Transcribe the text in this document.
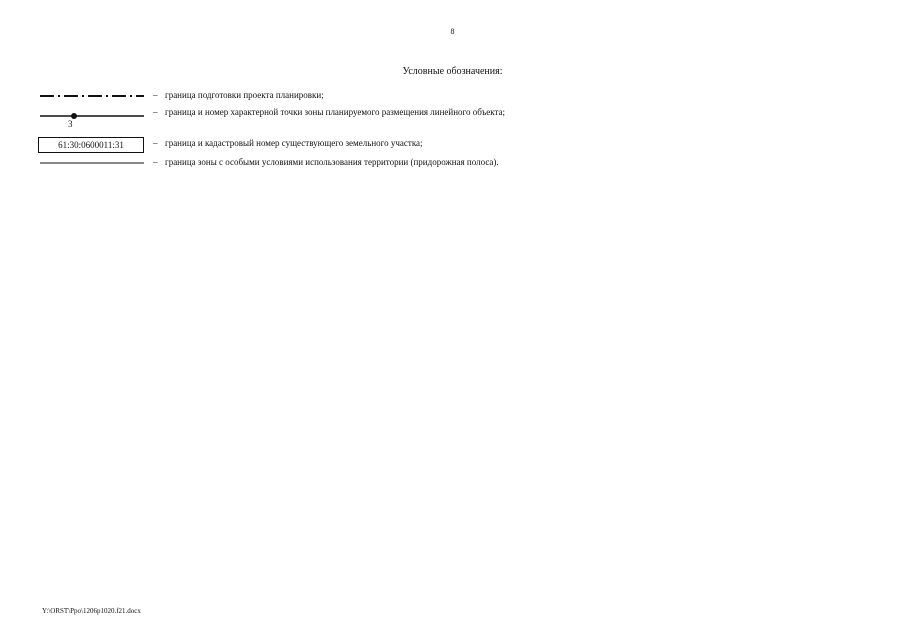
8
Условные обозначения:
– граница подготовки проекта планировки;
3
– граница и номер характерной точки зоны планируемого размещения линейного объекта;
61:30:0600011:31	– граница и кадастровый номер существующего земельного участка;
– граница зоны с особыми условиями использования территории (придорожная полоса).
Y:\ORST\Ppo\1206p1020.f21.docx
